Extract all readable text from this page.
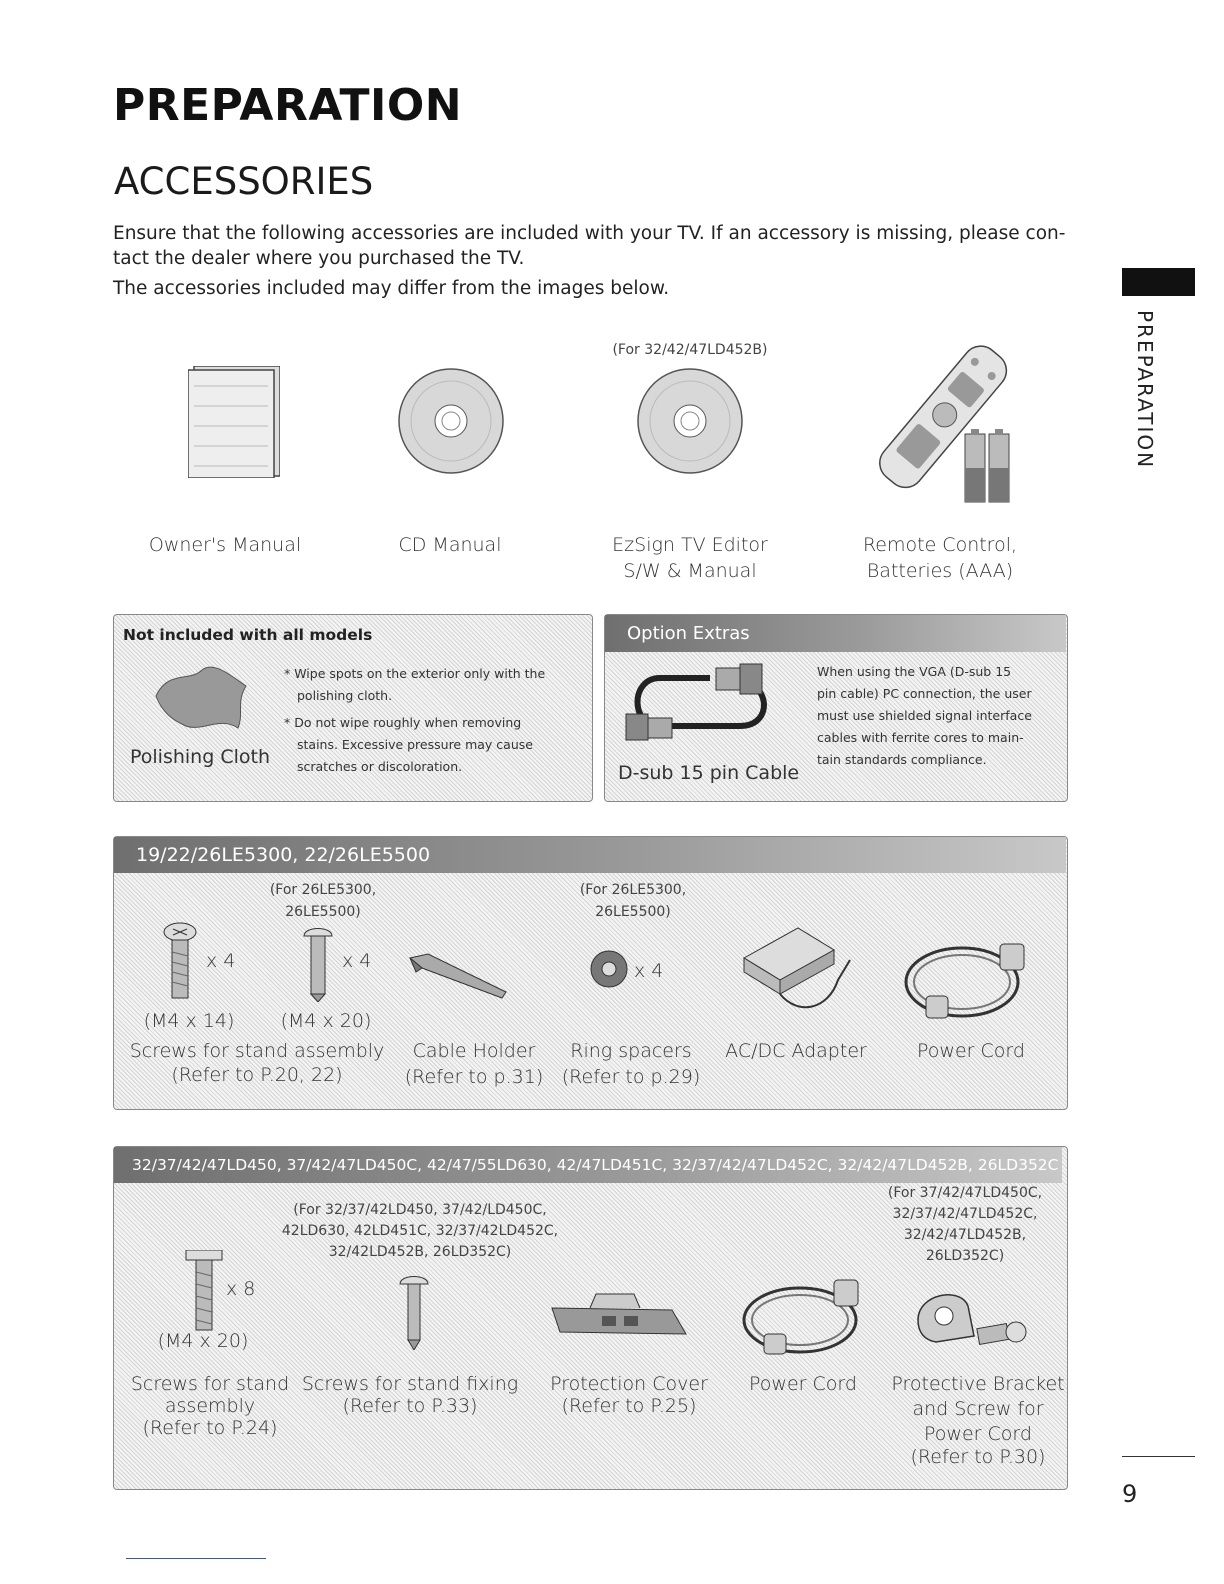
PREPARATION
ACCESSORIES
Ensure that the following accessories are included with your TV. If an accessory is missing, please con-
tact the dealer where you purchased the TV.
The accessories included may differ from the images below.
PREPARATION
(For 32/42/47LD452B)
Owner's Manual	CD Manual	EzSign TV Editor
S/W & Manual
Remote Control,
Batteries (AAA)
Not included with all models
Polishing Cloth
* Wipe spots on the exterior only with the
polishing cloth.
* Do not wipe roughly when removing
stains. Excessive pressure may cause
scratches or discoloration.
Option Extras
D-sub 15 pin Cable
When using the VGA (D-sub 15
pin cable) PC connection, the user
must use shielded signal interface
cables with ferrite cores to main-
tain standards compliance.
19/22/26LE5300, 22/26LE5500
(For 26LE5300,
26LE5500)
(For 26LE5300,
26LE5500)
x 4	x 4	x 4
(M4 x 14)	(M4 x 20)
Screws for stand assembly
(Refer to P.20, 22)
Cable Holder
(Refer to p.31)
Ring spacers
(Refer to p.29)
AC/DC Adapter	Power Cord
32/37/42/47LD450, 37/42/47LD450C, 42/47/55LD630, 42/47LD451C, 32/37/42/47LD452C, 32/42/47LD452B, 26LD352C
(For 32/37/42LD450, 37/42/LD450C,
42LD630, 42LD451C, 32/37/42LD452C,
32/42LD452B, 26LD352C)
(For 37/42/47LD450C,
32/37/42/47LD452C,
32/42/47LD452B,
26LD352C)
x 8
(M4 x 20)
Screws for stand
assembly
(Refer to P.24)
Screws for stand fixing
(Refer to P.33)
Protection Cover
(Refer to P.25)
Power Cord	Protective Bracket
and Screw for
Power Cord
(Refer to P.30)
9
